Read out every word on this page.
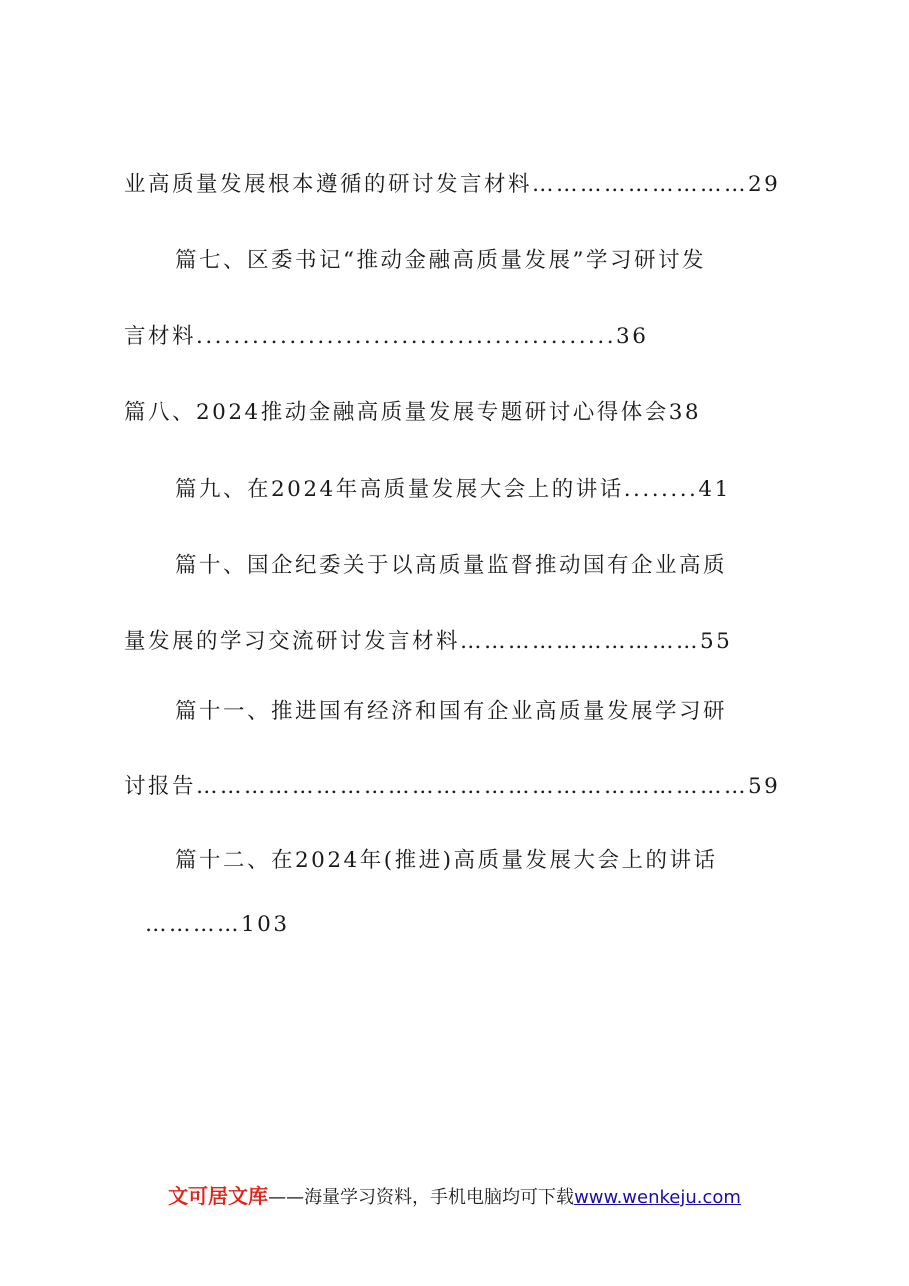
业高质量发展根本遵循的研讨发言材料………………………29
篇七、区委书记“推动金融高质量发展”学习研讨发
言材料.............................................36
篇八、2024推动金融高质量发展专题研讨心得体会38
篇九、在2024年高质量发展大会上的讲话........41
篇十、国企纪委关于以高质量监督推动国有企业高质
量发展的学习交流研讨发言材料…………………………55
篇十一、推进国有经济和国有企业高质量发展学习研
讨报告……………………………………………………………59
篇十二、在2024年(推进)高质量发展大会上的讲话
…………103
文可居文库——海量学习资料，手机电脑均可下载www.wenkeju.com
